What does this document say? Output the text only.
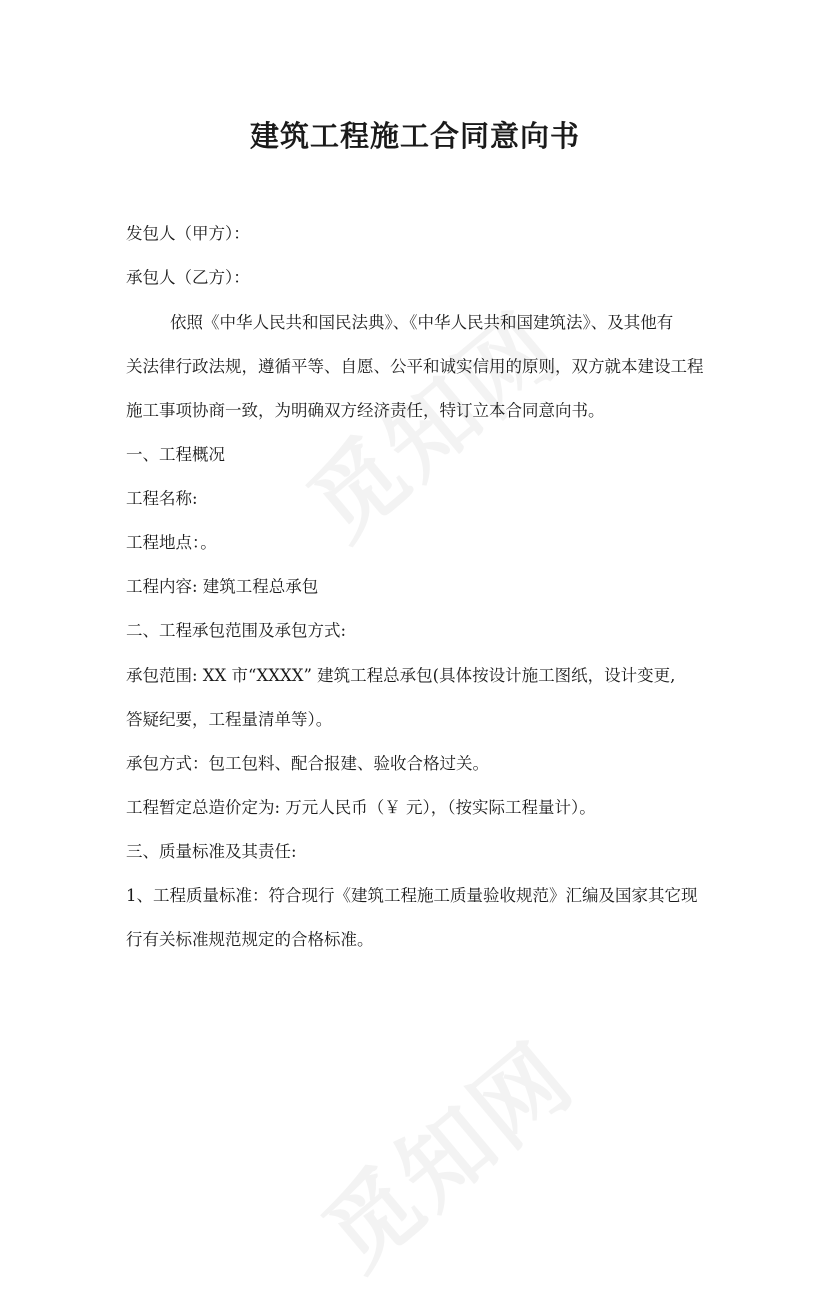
建筑工程施工合同意向书

发包人（甲方）：

承包人（乙方）：

依照《中华人民共和国民法典》、《中华人民共和国建筑法》、及其他有

关法律行政法规，遵循平等、自愿、公平和诚实信用的原则，双方就本建设工程

施工事项协商一致，为明确双方经济责任，特订立本合同意向书。

一、工程概况

工程名称:

工程地点：。

工程内容: 建筑工程总承包

二、工程承包范围及承包方式:

承包范围: XX 市“XXXX” 建筑工程总承包(具体按设计施工图纸，设计变更,

答疑纪要，工程量清单等）。

承包方式：包工包料、配合报建、验收合格过关。

工程暂定总造价定为: 万元人民币（￥ 元），（按实际工程量计）。

三、质量标准及其责任:

1、工程质量标准：符合现行《建筑工程施工质量验收规范》汇编及国家其它现

行有关标准规范规定的合格标准。
